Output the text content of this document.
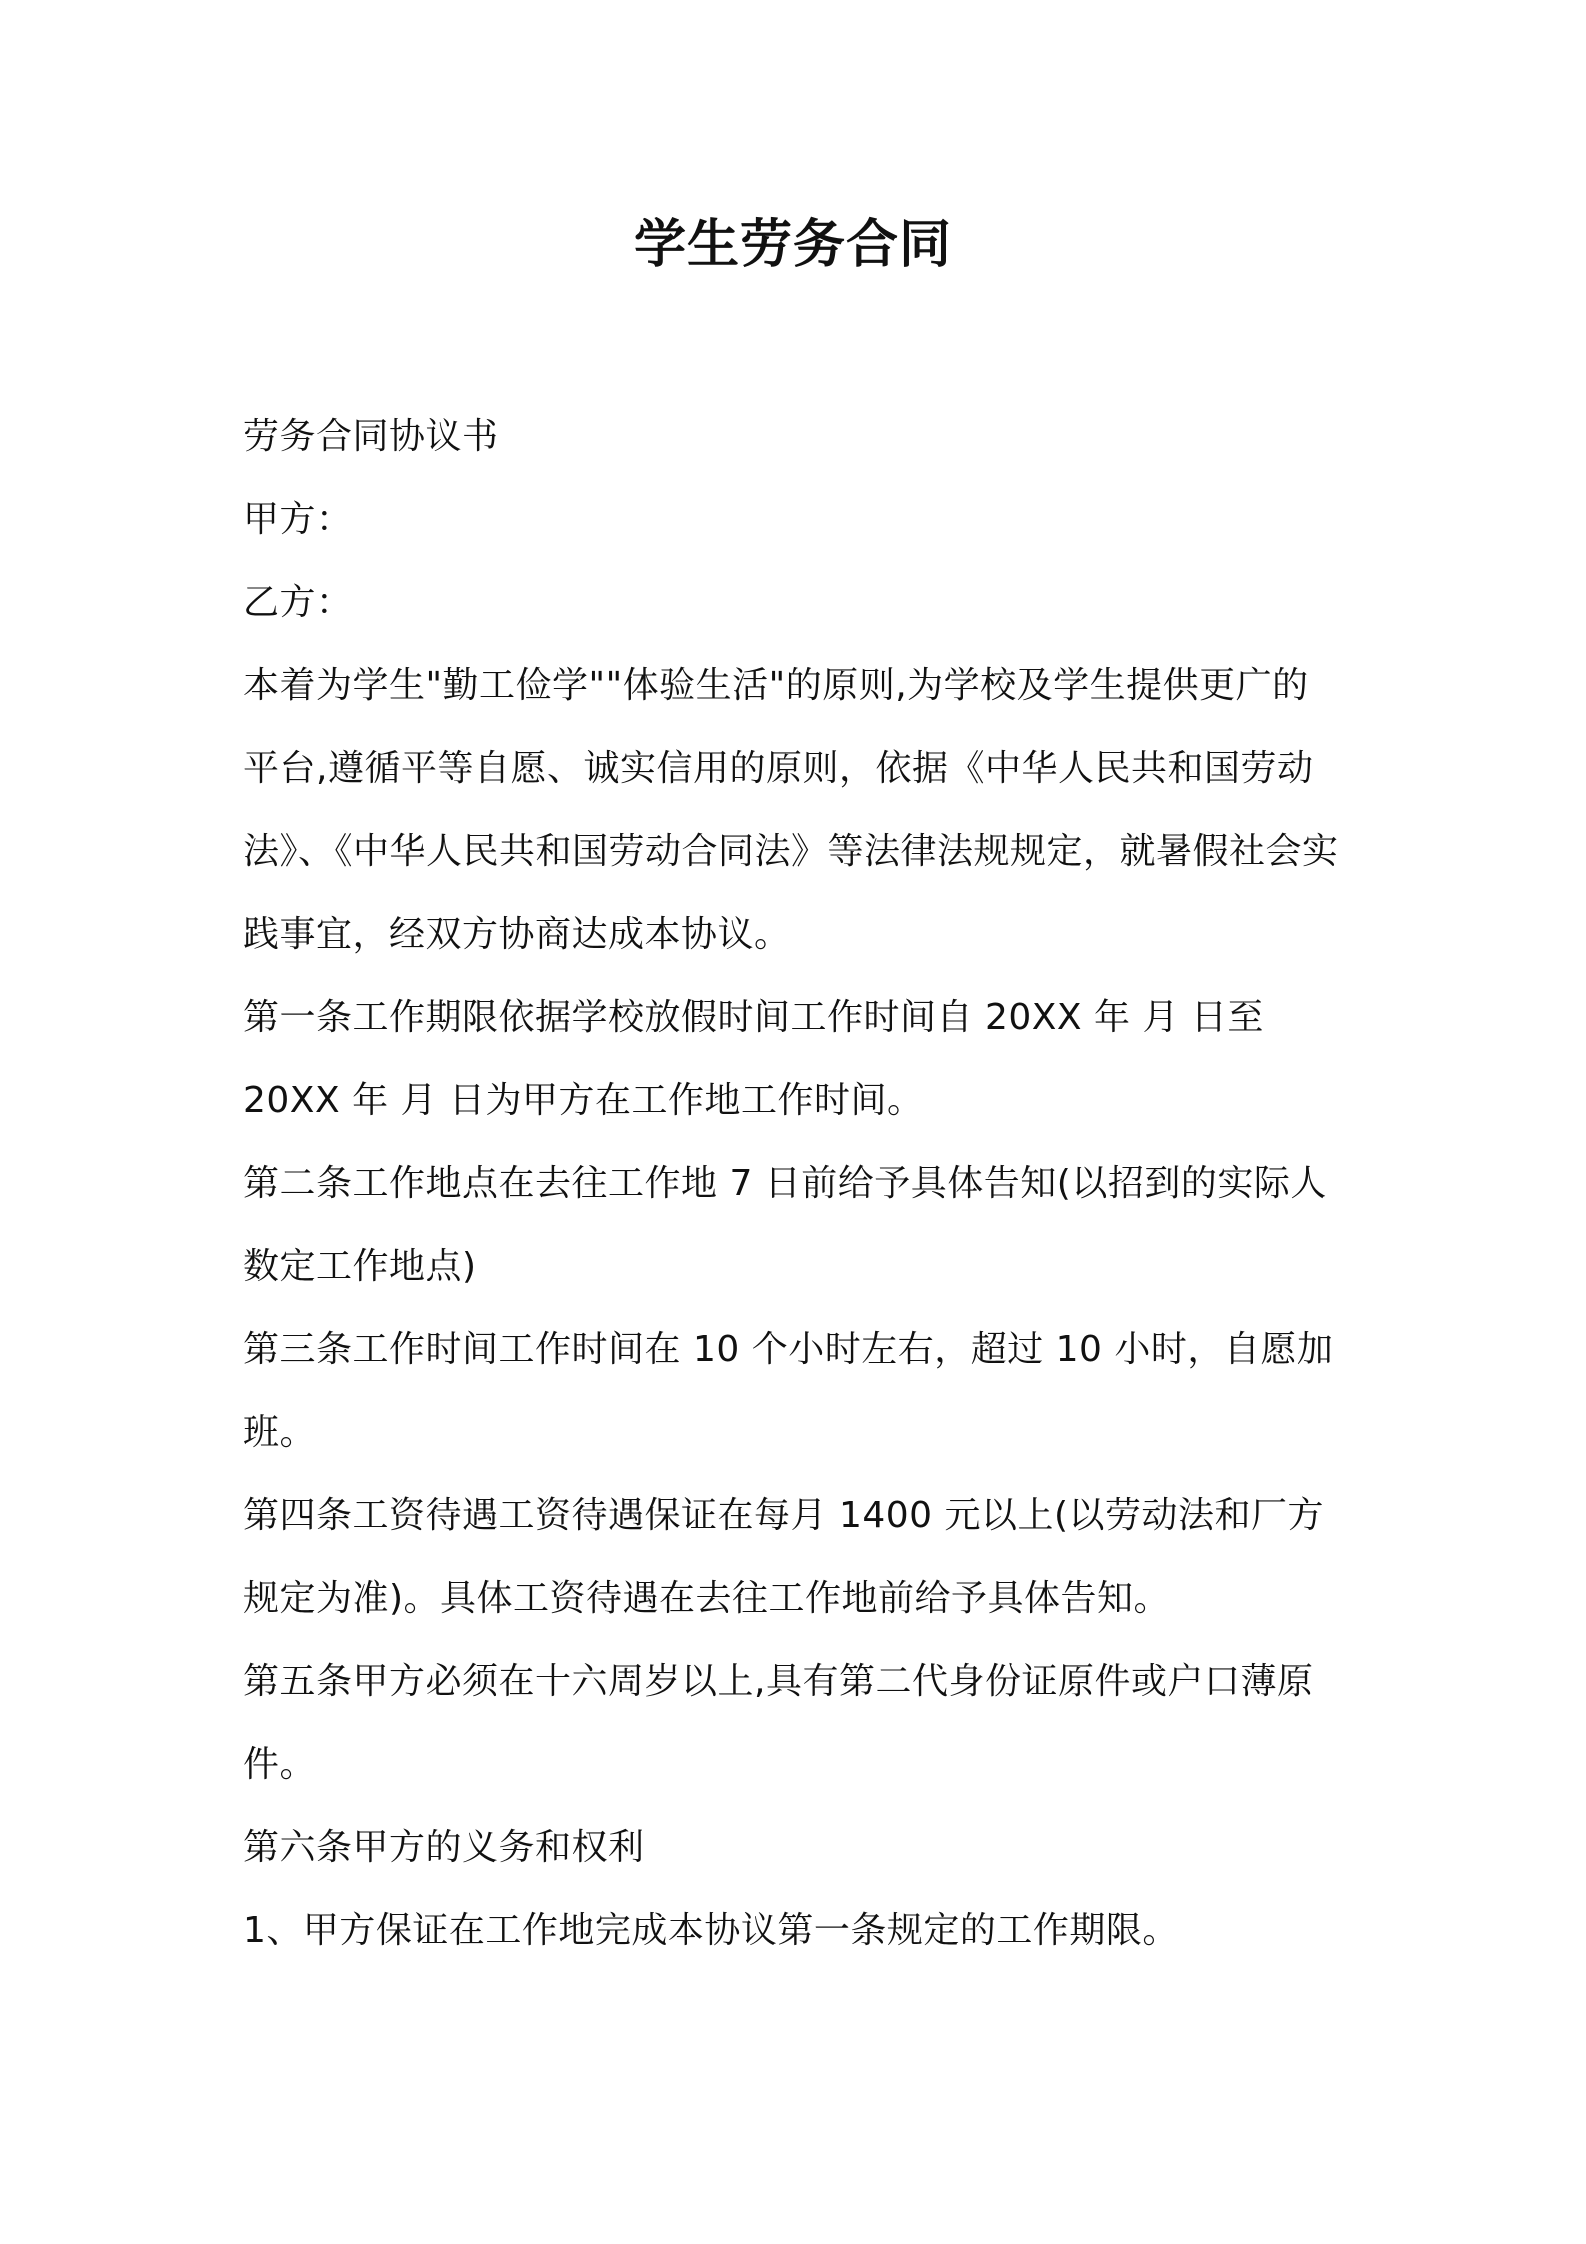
学生劳务合同
劳务合同协议书
甲方：
乙方：
本着为学生"勤工俭学""体验生活"的原则,为学校及学生提供更广的
平台,遵循平等自愿、诚实信用的原则，依据《中华人民共和国劳动
法》、《中华人民共和国劳动合同法》等法律法规规定，就暑假社会实
践事宜，经双方协商达成本协议。
第一条工作期限依据学校放假时间工作时间自 20XX 年 月 日至
20XX 年 月 日为甲方在工作地工作时间。
第二条工作地点在去往工作地 7 日前给予具体告知(以招到的实际人
数定工作地点)
第三条工作时间工作时间在 10 个小时左右，超过 10 小时，自愿加
班。
第四条工资待遇工资待遇保证在每月 1400 元以上(以劳动法和厂方
规定为准)。具体工资待遇在去往工作地前给予具体告知。
第五条甲方必须在十六周岁以上,具有第二代身份证原件或户口薄原
件。
第六条甲方的义务和权利
1、甲方保证在工作地完成本协议第一条规定的工作期限。
